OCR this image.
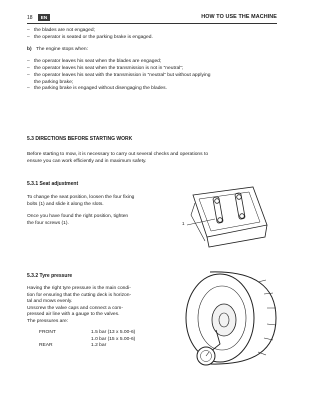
18	EN	HOW TO USE THE MACHINE
– the blades are not engaged;
– the operator is seated or the parking brake is engaged.
b) The engine stops when:
– the operator leaves his seat when the blades are engaged;
– the operator leaves his seat when the transmission is not in “neutral”;
– the operator leaves his seat with the transmission in “neutral” but without applying
the parking brake;
– the parking brake is engaged without disengaging the blades.
5.3 DIRECTIONS BEFORE STARTING WORK
Before starting to mow, it is necessary to carry out several checks and operations to
ensure you can work efficiently and in maximum safety.
5.3.1 Seat adjustment
To change the seat position, loosen the four fixing
bolts (1) and slide it along the slots.
Once you have found the right position, tighten
the four screws (1).	1
5.3.2 Tyre pressure
Having the right tyre pressure is the main condi-
tion for ensuring that the cutting deck is horizon-
tal and mows evenly.
Unscrew the valve caps and connect a com-
pressed air line with a gauge to the valves.
The pressures are:
FRONT	1.5 bar (13 x 5.00-6)
1.0 bar (15 x 5.00-6)
REAR	1.2 bar
